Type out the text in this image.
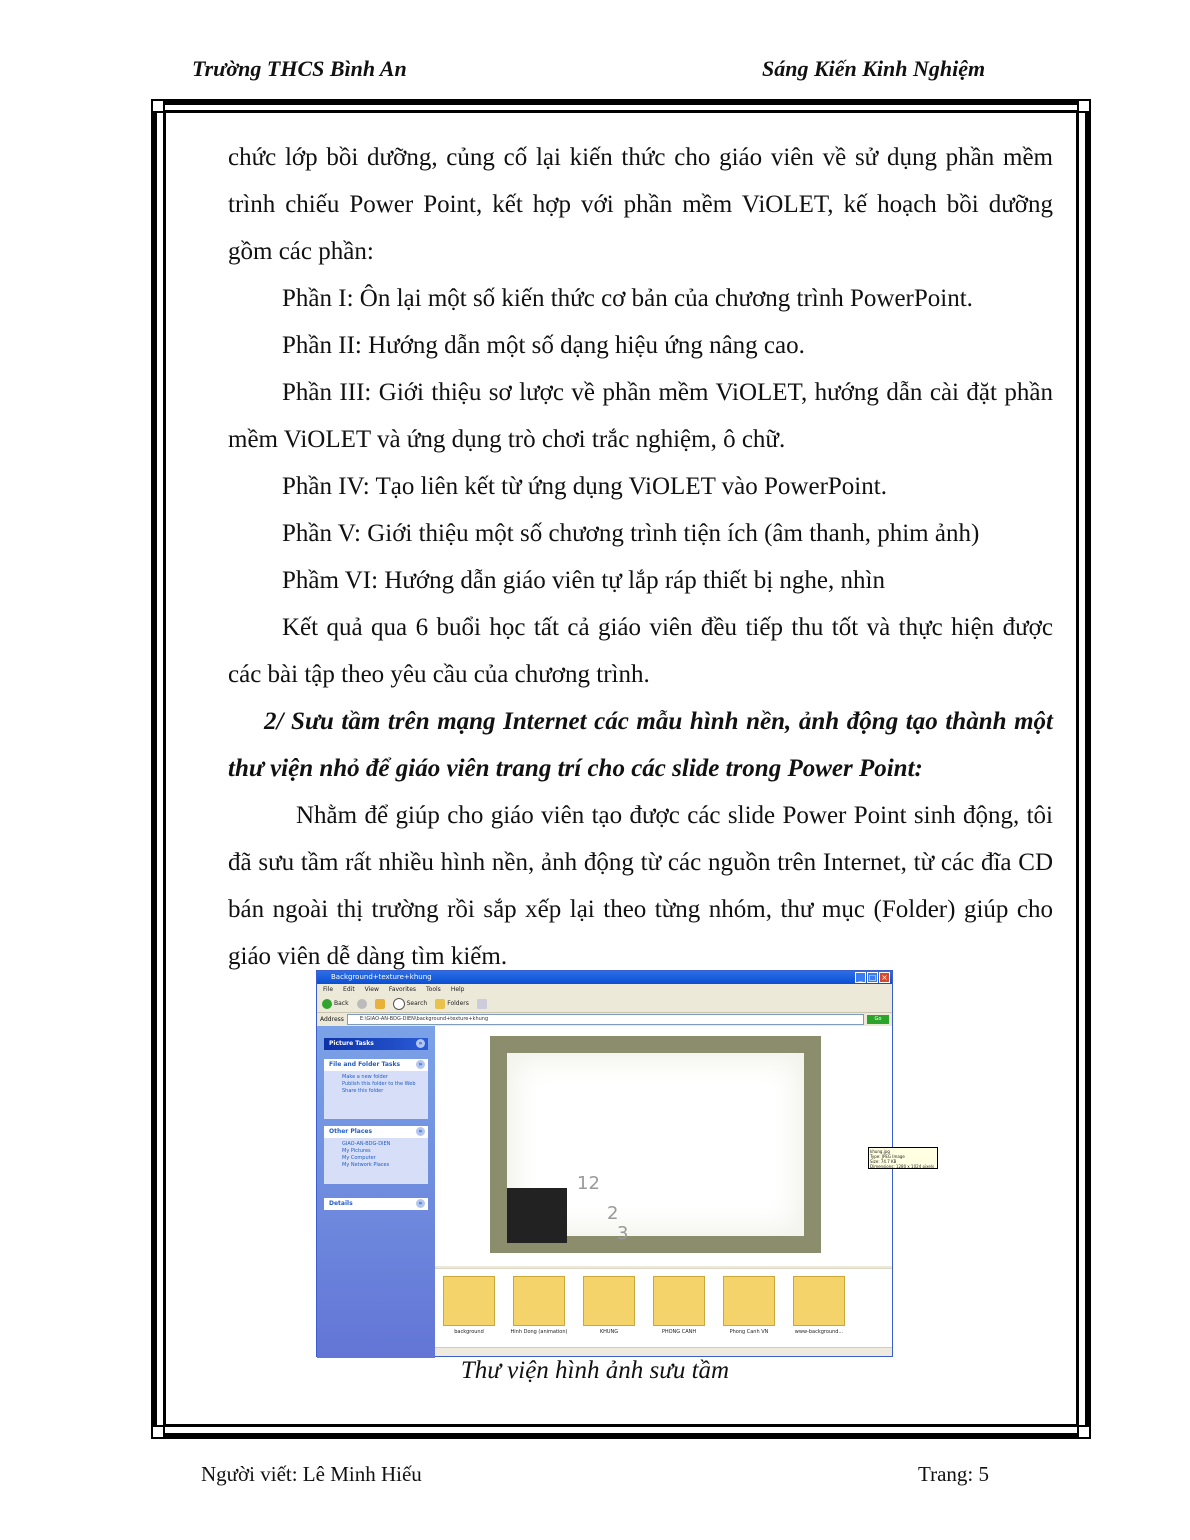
Trường THCS Bình An	Sáng Kiến Kinh Nghiệm

chức lớp bồi dưỡng, củng cố lại kiến thức cho giáo viên về sử dụng phần mềm trình chiếu Power Point, kết hợp với phần mềm ViOLET, kế hoạch bồi dưỡng gồm các phần:

Phần I: Ôn lại một số kiến thức cơ bản của chương trình PowerPoint.

Phần II: Hướng dẫn một số dạng hiệu ứng nâng cao.

Phần III: Giới thiệu sơ lược về phần mềm ViOLET, hướng dẫn cài đặt phần mềm ViOLET và ứng dụng trò chơi trắc nghiệm, ô chữ.

Phần IV: Tạo liên kết từ ứng dụng ViOLET vào PowerPoint.

Phần V: Giới thiệu một số chương trình tiện ích (âm thanh, phim ảnh)

Phầm VI: Hướng dẫn giáo viên tự lắp ráp thiết bị nghe, nhìn

Kết quả qua 6 buổi học tất cả giáo viên đều tiếp thu tốt và thực hiện được các bài tập theo yêu cầu của chương trình.

2/ Sưu tầm trên mạng Internet các mẫu hình nền, ảnh động tạo thành một thư viện nhỏ để giáo viên trang trí cho các slide trong Power Point:

Nhằm để giúp cho giáo viên tạo được các slide Power Point sinh động, tôi đã sưu tầm rất nhiều hình nền, ảnh động từ các nguồn trên Internet, từ các đĩa CD bán ngoài thị trường rồi sắp xếp lại theo từng nhóm, thư mục (Folder) giúp cho giáo viên dễ dàng tìm kiếm.

Background+texture+khung	_ □ ×
File Edit View Favorites Tools Help
Back	Search	Folders
Address	E:\GIAO-AN-BDG-DIEN\background+texture+khung	Go
Picture Tasks	»
File and Folder Tasks	»
Make a new folder
Publish this folder to the Web
Share this folder
Other Places	»
GIAO-AN-BDG-DIEN
My Pictures
My Computer
My Network Places
Details	»
12
2
3
khung.jpg
Type: JPEG Image
Size: 74.7 KB
Dimensions: 1280 x 1024 pixels
background	Hinh Dong (animation)	KHUNG	PHONG CANH	Phong Canh VN	www-background...
Thư viện hình ảnh sưu tầm
Người viết: Lê Minh Hiếu	Trang: 5
